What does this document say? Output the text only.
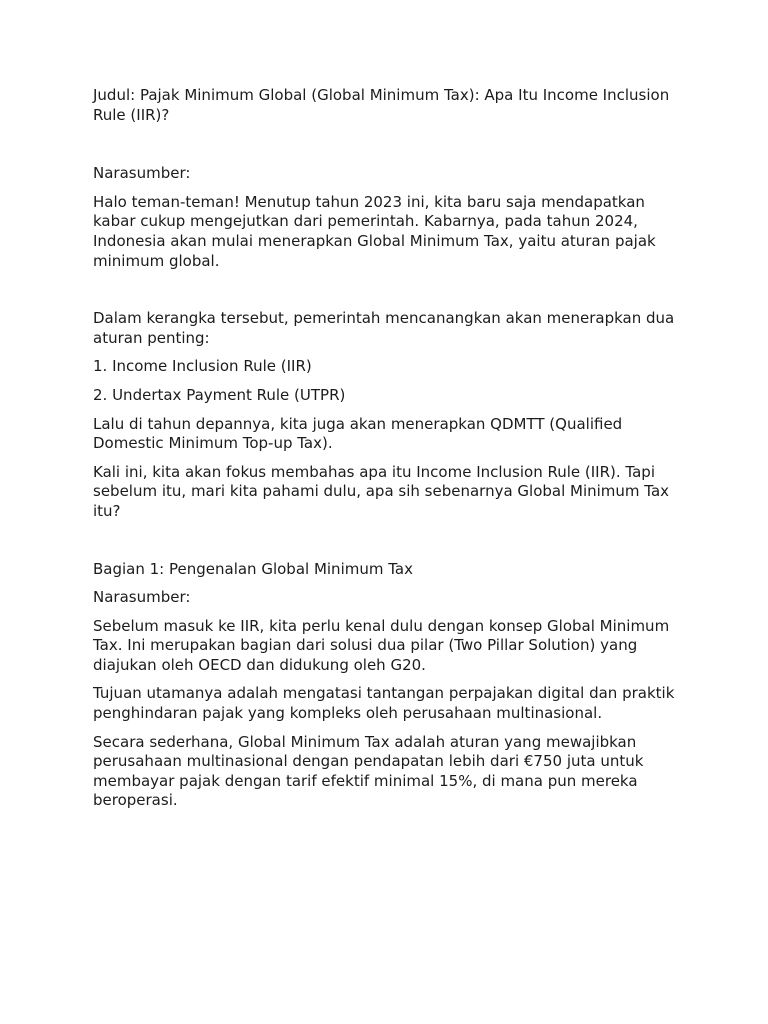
Judul: Pajak Minimum Global (Global Minimum Tax): Apa Itu Income Inclusion Rule (IIR)?

Narasumber:

Halo teman-teman! Menutup tahun 2023 ini, kita baru saja mendapatkan kabar cukup mengejutkan dari pemerintah. Kabarnya, pada tahun 2024, Indonesia akan mulai menerapkan Global Minimum Tax, yaitu aturan pajak minimum global.

Dalam kerangka tersebut, pemerintah mencanangkan akan menerapkan dua aturan penting:

1. Income Inclusion Rule (IIR)

2. Undertax Payment Rule (UTPR)

Lalu di tahun depannya, kita juga akan menerapkan QDMTT (Qualified Domestic Minimum Top-up Tax).

Kali ini, kita akan fokus membahas apa itu Income Inclusion Rule (IIR). Tapi sebelum itu, mari kita pahami dulu, apa sih sebenarnya Global Minimum Tax itu?

Bagian 1: Pengenalan Global Minimum Tax

Narasumber:

Sebelum masuk ke IIR, kita perlu kenal dulu dengan konsep Global Minimum Tax. Ini merupakan bagian dari solusi dua pilar (Two Pillar Solution) yang diajukan oleh OECD dan didukung oleh G20.

Tujuan utamanya adalah mengatasi tantangan perpajakan digital dan praktik penghindaran pajak yang kompleks oleh perusahaan multinasional.

Secara sederhana, Global Minimum Tax adalah aturan yang mewajibkan perusahaan multinasional dengan pendapatan lebih dari €750 juta untuk membayar pajak dengan tarif efektif minimal 15%, di mana pun mereka beroperasi.
